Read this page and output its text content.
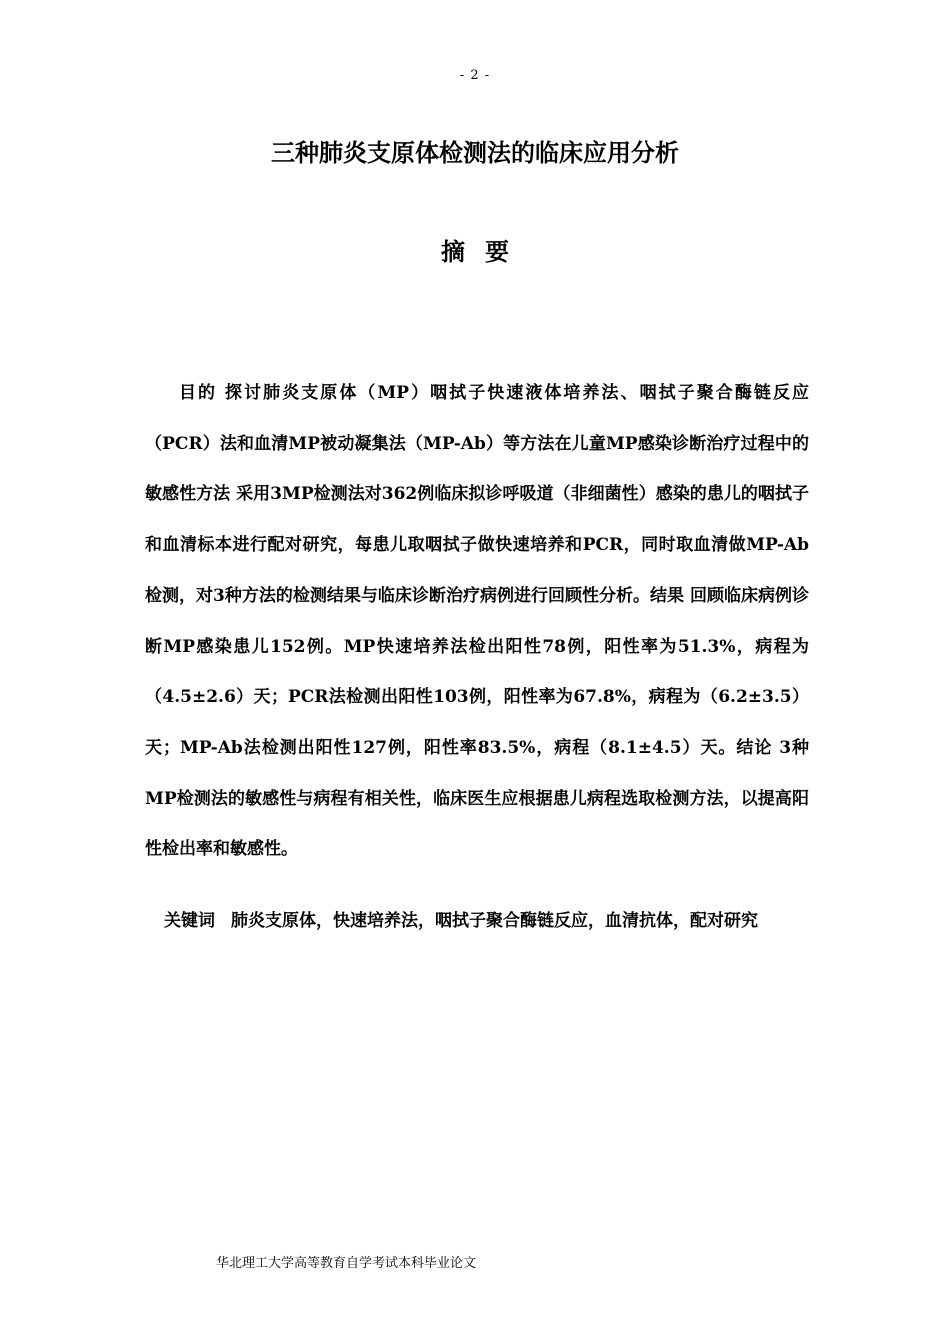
- 2 -
三种肺炎支原体检测法的临床应用分析
摘要

目的 探讨肺炎支原体（MP）咽拭子快速液体培养法、咽拭子聚合酶链反应（PCR）法和血清MP被动凝集法（MP-Ab）等方法在儿童MP感染诊断治疗过程中的敏感性方法 采用3MP检测法对362例临床拟诊呼吸道（非细菌性）感染的患儿的咽拭子和血清标本进行配对研究，每患儿取咽拭子做快速培养和PCR，同时取血清做MP-Ab检测，对3种方法的检测结果与临床诊断治疗病例进行回顾性分析。结果 回顾临床病例诊断MP感染患儿152例。MP快速培养法检出阳性78例，阳性率为51.3%，病程为（4.5±2.6）天；PCR法检测出阳性103例，阳性率为67.8%，病程为（6.2±3.5）天；MP-Ab法检测出阳性127例，阳性率83.5%，病程（8.1±4.5）天。结论 3种MP检测法的敏感性与病程有相关性，临床医生应根据患儿病程选取检测方法，以提高阳性检出率和敏感性。

关键词 肺炎支原体，快速培养法，咽拭子聚合酶链反应，血清抗体，配对研究
华北理工大学高等教育自学考试本科毕业论文
